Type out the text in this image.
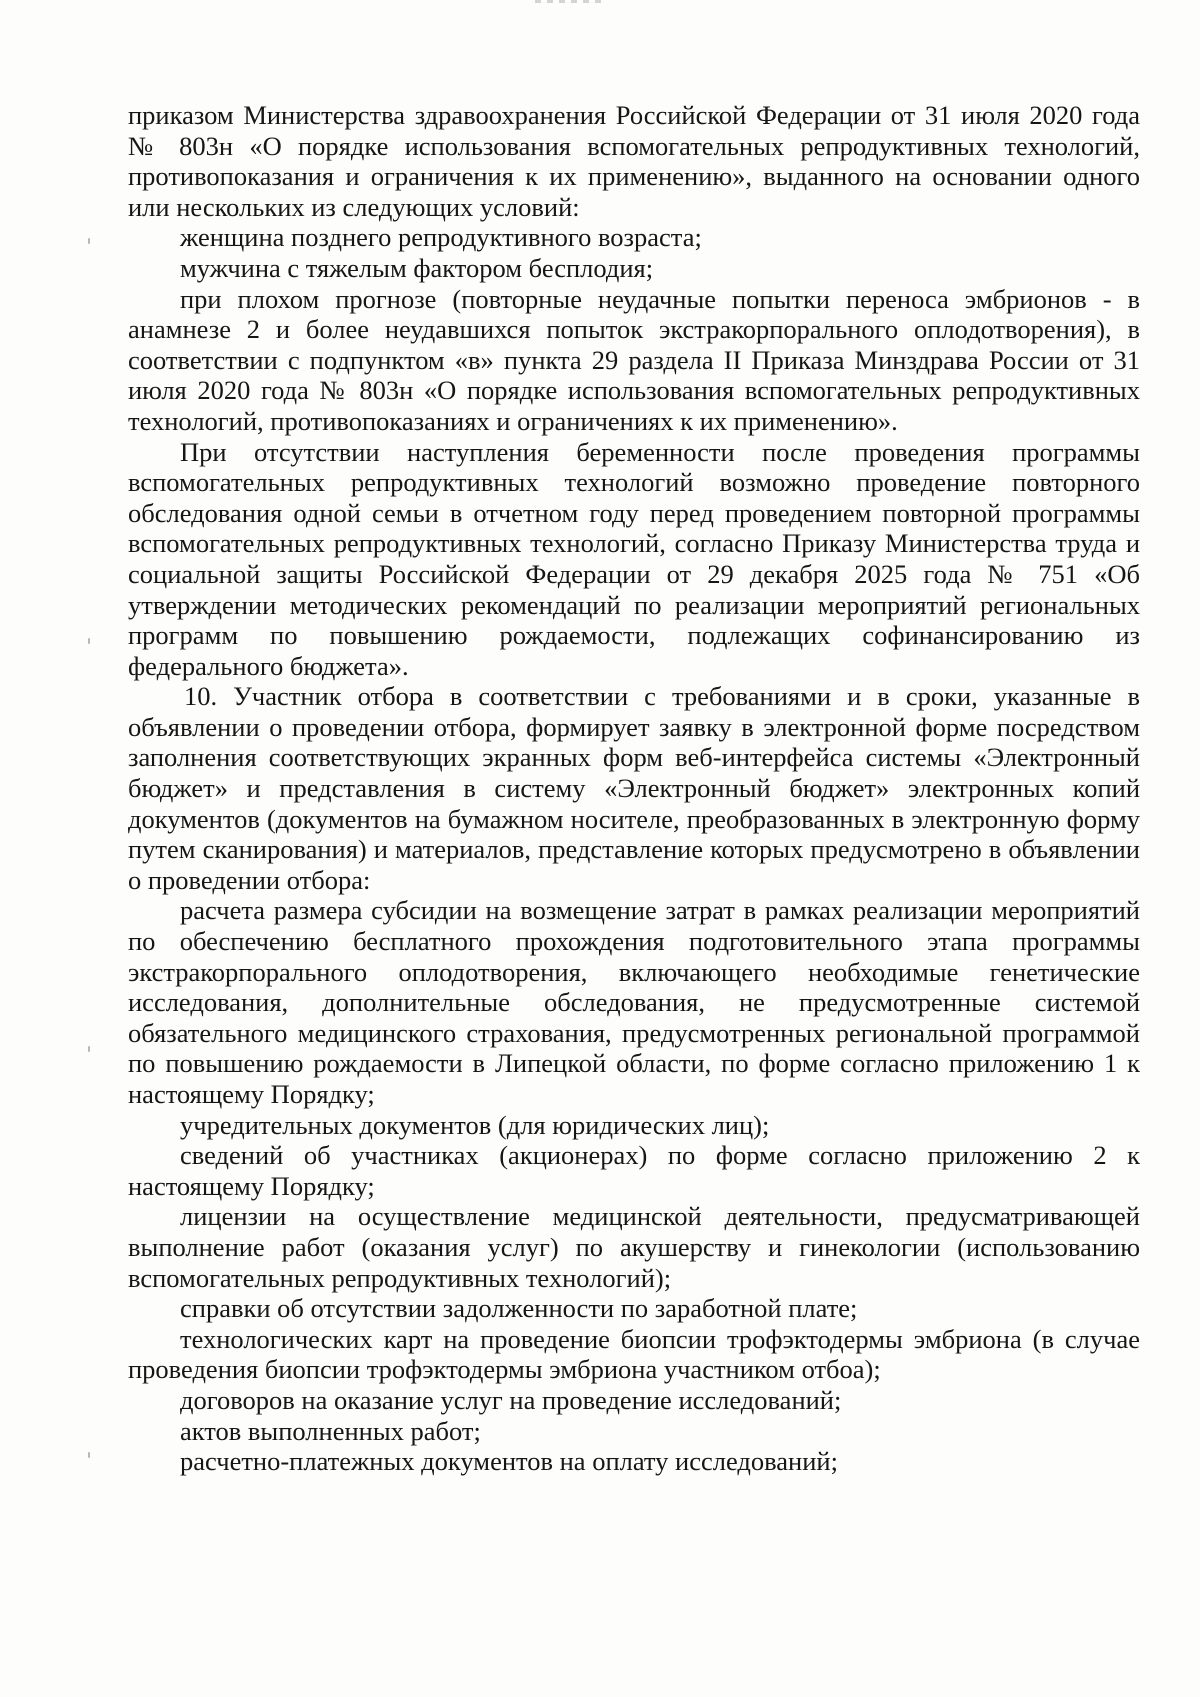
приказом Министерства здравоохранения Российской Федерации от 31 июля 2020 года № 803н «О порядке использования вспомогательных репродуктивных технологий, противопоказания и ограничения к их применению», выданного на основании одного или нескольких из следующих условий:

женщина позднего репродуктивного возраста;

мужчина с тяжелым фактором бесплодия;

при плохом прогнозе (повторные неудачные попытки переноса эмбрионов - в анамнезе 2 и более неудавшихся попыток экстракорпорального оплодотворения), в соответствии с подпунктом «в» пункта 29 раздела II Приказа Минздрава России от 31 июля 2020 года № 803н «О порядке использования вспомогательных репродуктивных технологий, противопоказаниях и ограничениях к их применению».

При отсутствии наступления беременности после проведения программы вспомогательных репродуктивных технологий возможно проведение повторного обследования одной семьи в отчетном году перед проведением повторной программы вспомогательных репродуктивных технологий, согласно Приказу Министерства труда и социальной защиты Российской Федерации от 29 декабря 2025 года № 751 «Об утверждении методических рекомендаций по реализации мероприятий региональных программ по повышению рождаемости, подлежащих софинансированию из федерального бюджета».

10. Участник отбора в соответствии с требованиями и в сроки, указанные в объявлении о проведении отбора, формирует заявку в электронной форме посредством заполнения соответствующих экранных форм веб-интерфейса системы «Электронный бюджет» и представления в систему «Электронный бюджет» электронных копий документов (документов на бумажном носителе, преобразованных в электронную форму путем сканирования) и материалов, представление которых предусмотрено в объявлении о проведении отбора:

расчета размера субсидии на возмещение затрат в рамках реализации мероприятий по обеспечению бесплатного прохождения подготовительного этапа программы экстракорпорального оплодотворения, включающего необходимые генетические исследования, дополнительные обследования, не предусмотренные системой обязательного медицинского страхования, предусмотренных региональной программой по повышению рождаемости в Липецкой области, по форме согласно приложению 1 к настоящему Порядку;

учредительных документов (для юридических лиц);

сведений об участниках (акционерах) по форме согласно приложению 2 к настоящему Порядку;

лицензии на осуществление медицинской деятельности, предусматривающей выполнение работ (оказания услуг) по акушерству и гинекологии (использованию вспомогательных репродуктивных технологий);

справки об отсутствии задолженности по заработной плате;

технологических карт на проведение биопсии трофэктодермы эмбриона (в случае проведения биопсии трофэктодермы эмбриона участником отбоа);

договоров на оказание услуг на проведение исследований;

актов выполненных работ;

расчетно-платежных документов на оплату исследований;
